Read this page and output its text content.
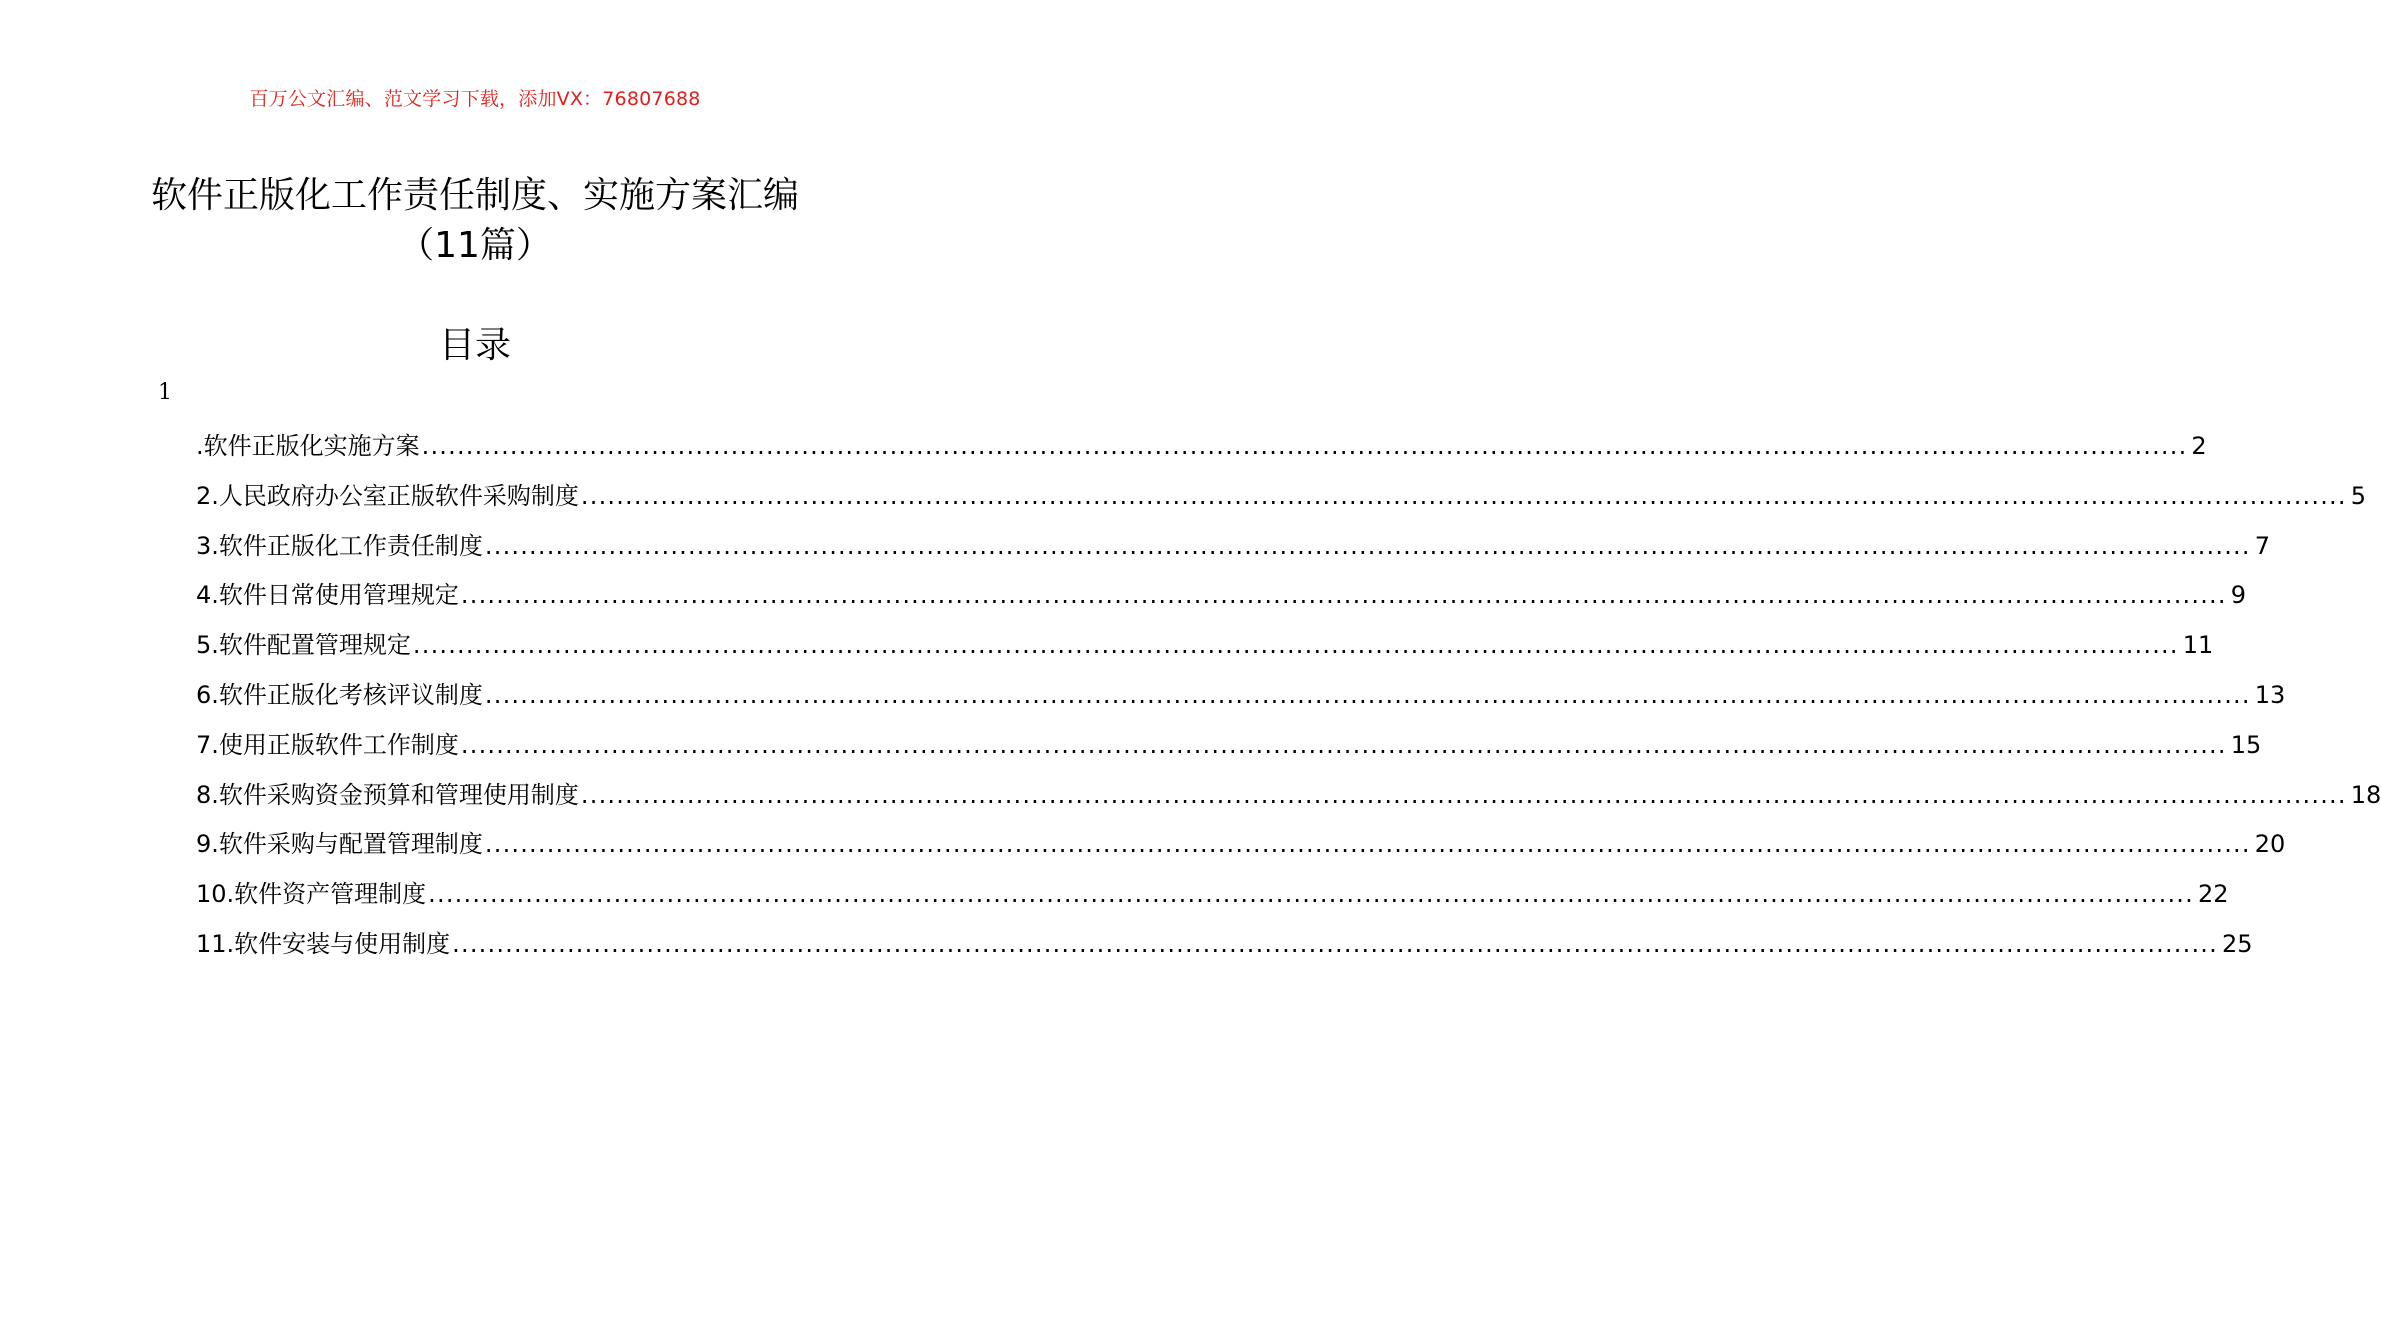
百万公文汇编、范文学习下载，添加VX：76807688
软件正版化工作责任制度、实施方案汇编
（11篇）
目录
1
.软件正版化实施方案 ........................................................................................................................................................................................................ 2
2.人民政府办公室正版软件采购制度 ........................................................................................................................................................................................................ 5
3.软件正版化工作责任制度 ........................................................................................................................................................................................................ 7
4.软件日常使用管理规定 ........................................................................................................................................................................................................ 9
5.软件配置管理规定 ........................................................................................................................................................................................................ 11
6.软件正版化考核评议制度 ........................................................................................................................................................................................................ 13
7.使用正版软件工作制度 ........................................................................................................................................................................................................ 15
8.软件采购资金预算和管理使用制度 ........................................................................................................................................................................................................ 18
9.软件采购与配置管理制度 ........................................................................................................................................................................................................ 20
10.软件资产管理制度 ........................................................................................................................................................................................................ 22
11.软件安装与使用制度 ........................................................................................................................................................................................................ 25
